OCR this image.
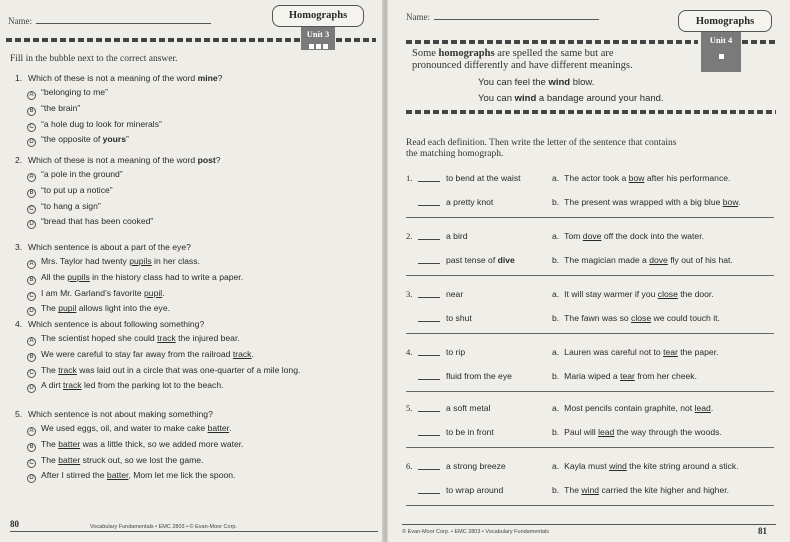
Name:	Homographs
Unit 3
Fill in the bubble next to the correct answer.
1. Which of these is not a meaning of the word mine?
A “belonging to me”
B “the brain”
C “a hole dug to look for minerals”
D “the opposite of yours”
2. Which of these is not a meaning of the word post?
A “a pole in the ground”
B “to put up a notice”
C “to hang a sign”
D “bread that has been cooked”
3. Which sentence is about a part of the eye?
A Mrs. Taylor had twenty pupils in her class.
B All the pupils in the history class had to write a paper.
C I am Mr. Garland’s favorite pupil.
D The pupil allows light into the eye.
4. Which sentence is about following something?
A The scientist hoped she could track the injured bear.
B We were careful to stay far away from the railroad track.
C The track was laid out in a circle that was one-quarter of a mile long.
D A dirt track led from the parking lot to the beach.
5. Which sentence is not about making something?
A We used eggs, oil, and water to make cake batter.
B The batter was a little thick, so we added more water.
C The batter struck out, so we lost the game.
D After I stirred the batter, Mom let me lick the spoon.
80	Vocabulary Fundamentals • EMC 2803 • © Evan-Moor Corp.
Name:	Homographs
Unit 4
Some homographs are spelled the same but are
pronounced differently and have different meanings.
You can feel the wind blow.
You can wind a bandage around your hand.
Read each definition. Then write the letter of the sentence that contains
the matching homograph.
1.	to bend at the waist	a. The actor took a bow after his performance.
a pretty knot	b. The present was wrapped with a big blue bow.
2.	a bird	a. Tom dove off the dock into the water.
past tense of dive	b. The magician made a dove fly out of his hat.
3.	near	a. It will stay warmer if you close the door.
to shut	b. The fawn was so close we could touch it.
4.	to rip	a. Lauren was careful not to tear the paper.
fluid from the eye	b. Maria wiped a tear from her cheek.
5.	a soft metal	a. Most pencils contain graphite, not lead.
to be in front	b. Paul will lead the way through the woods.
6.	a strong breeze	a. Kayla must wind the kite string around a stick.
to wrap around	b. The wind carried the kite higher and higher.
81
© Evan-Moor Corp. • EMC 2803 • Vocabulary Fundamentals
